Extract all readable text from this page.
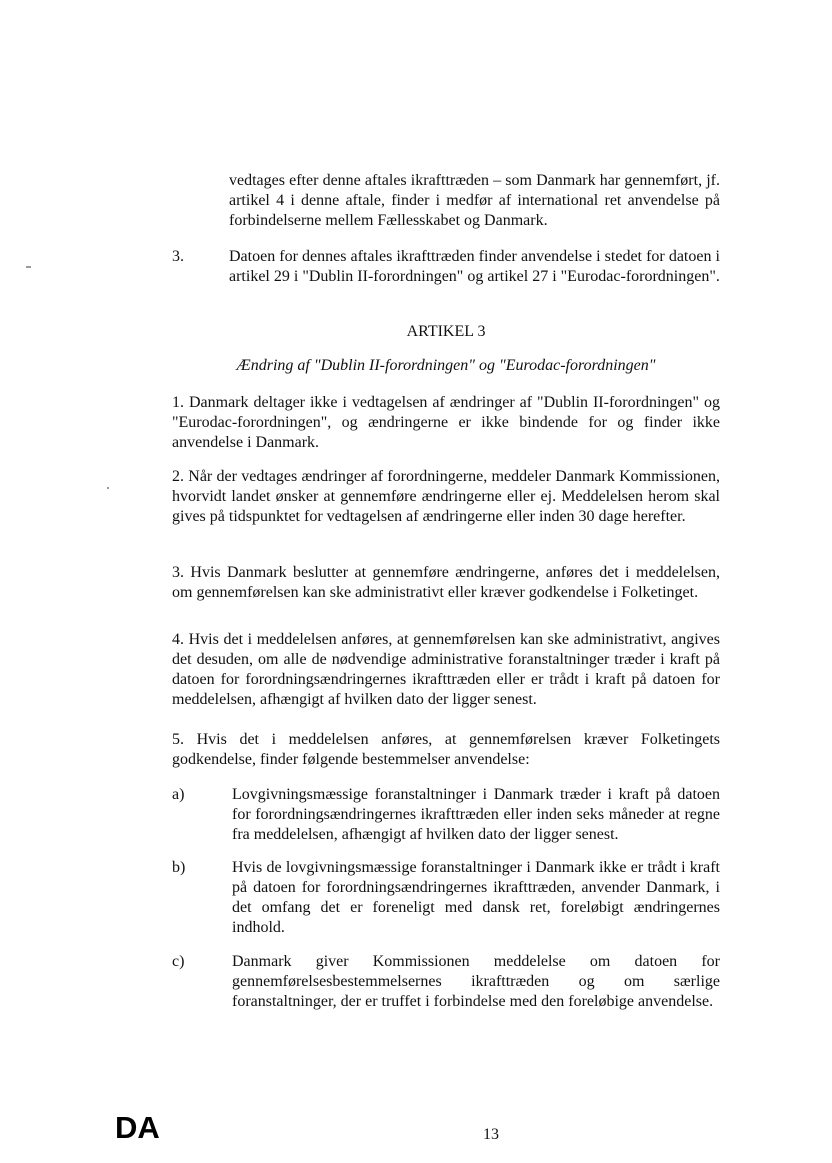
vedtages efter denne aftales ikrafttræden – som Danmark har gennemført, jf. artikel 4 i denne aftale, finder i medfør af international ret anvendelse på forbindelserne mellem Fællesskabet og Danmark.

3.	Datoen for dennes aftales ikrafttræden finder anvendelse i stedet for datoen i artikel 29 i "Dublin II-forordningen" og artikel 27 i "Eurodac-forordningen".

ARTIKEL 3

Ændring af "Dublin II-forordningen" og "Eurodac-forordningen"

1. Danmark deltager ikke i vedtagelsen af ændringer af "Dublin II-forordningen" og "Eurodac-forordningen", og ændringerne er ikke bindende for og finder ikke anvendelse i Danmark.

2. Når der vedtages ændringer af forordningerne, meddeler Danmark Kommissionen, hvorvidt landet ønsker at gennemføre ændringerne eller ej. Meddelelsen herom skal gives på tidspunktet for vedtagelsen af ændringerne eller inden 30 dage herefter.

3. Hvis Danmark beslutter at gennemføre ændringerne, anføres det i meddelelsen, om gennemførelsen kan ske administrativt eller kræver godkendelse i Folketinget.

4. Hvis det i meddelelsen anføres, at gennemførelsen kan ske administrativt, angives det desuden, om alle de nødvendige administrative foranstaltninger træder i kraft på datoen for forordningsændringernes ikrafttræden eller er trådt i kraft på datoen for meddelelsen, afhængigt af hvilken dato der ligger senest.

5. Hvis det i meddelelsen anføres, at gennemførelsen kræver Folketingets godkendelse, finder følgende bestemmelser anvendelse:

a)	Lovgivningsmæssige foranstaltninger i Danmark træder i kraft på datoen for forordningsændringernes ikrafttræden eller inden seks måneder at regne fra meddelelsen, afhængigt af hvilken dato der ligger senest.

b)	Hvis de lovgivningsmæssige foranstaltninger i Danmark ikke er trådt i kraft på datoen for forordningsændringernes ikrafttræden, anvender Danmark, i det omfang det er foreneligt med dansk ret, foreløbigt ændringernes indhold.

c)	Danmark giver Kommissionen meddelelse om datoen for gennemførelsesbestemmelsernes ikrafttræden og om særlige foranstaltninger, der er truffet i forbindelse med den foreløbige anvendelse.

DA	13
